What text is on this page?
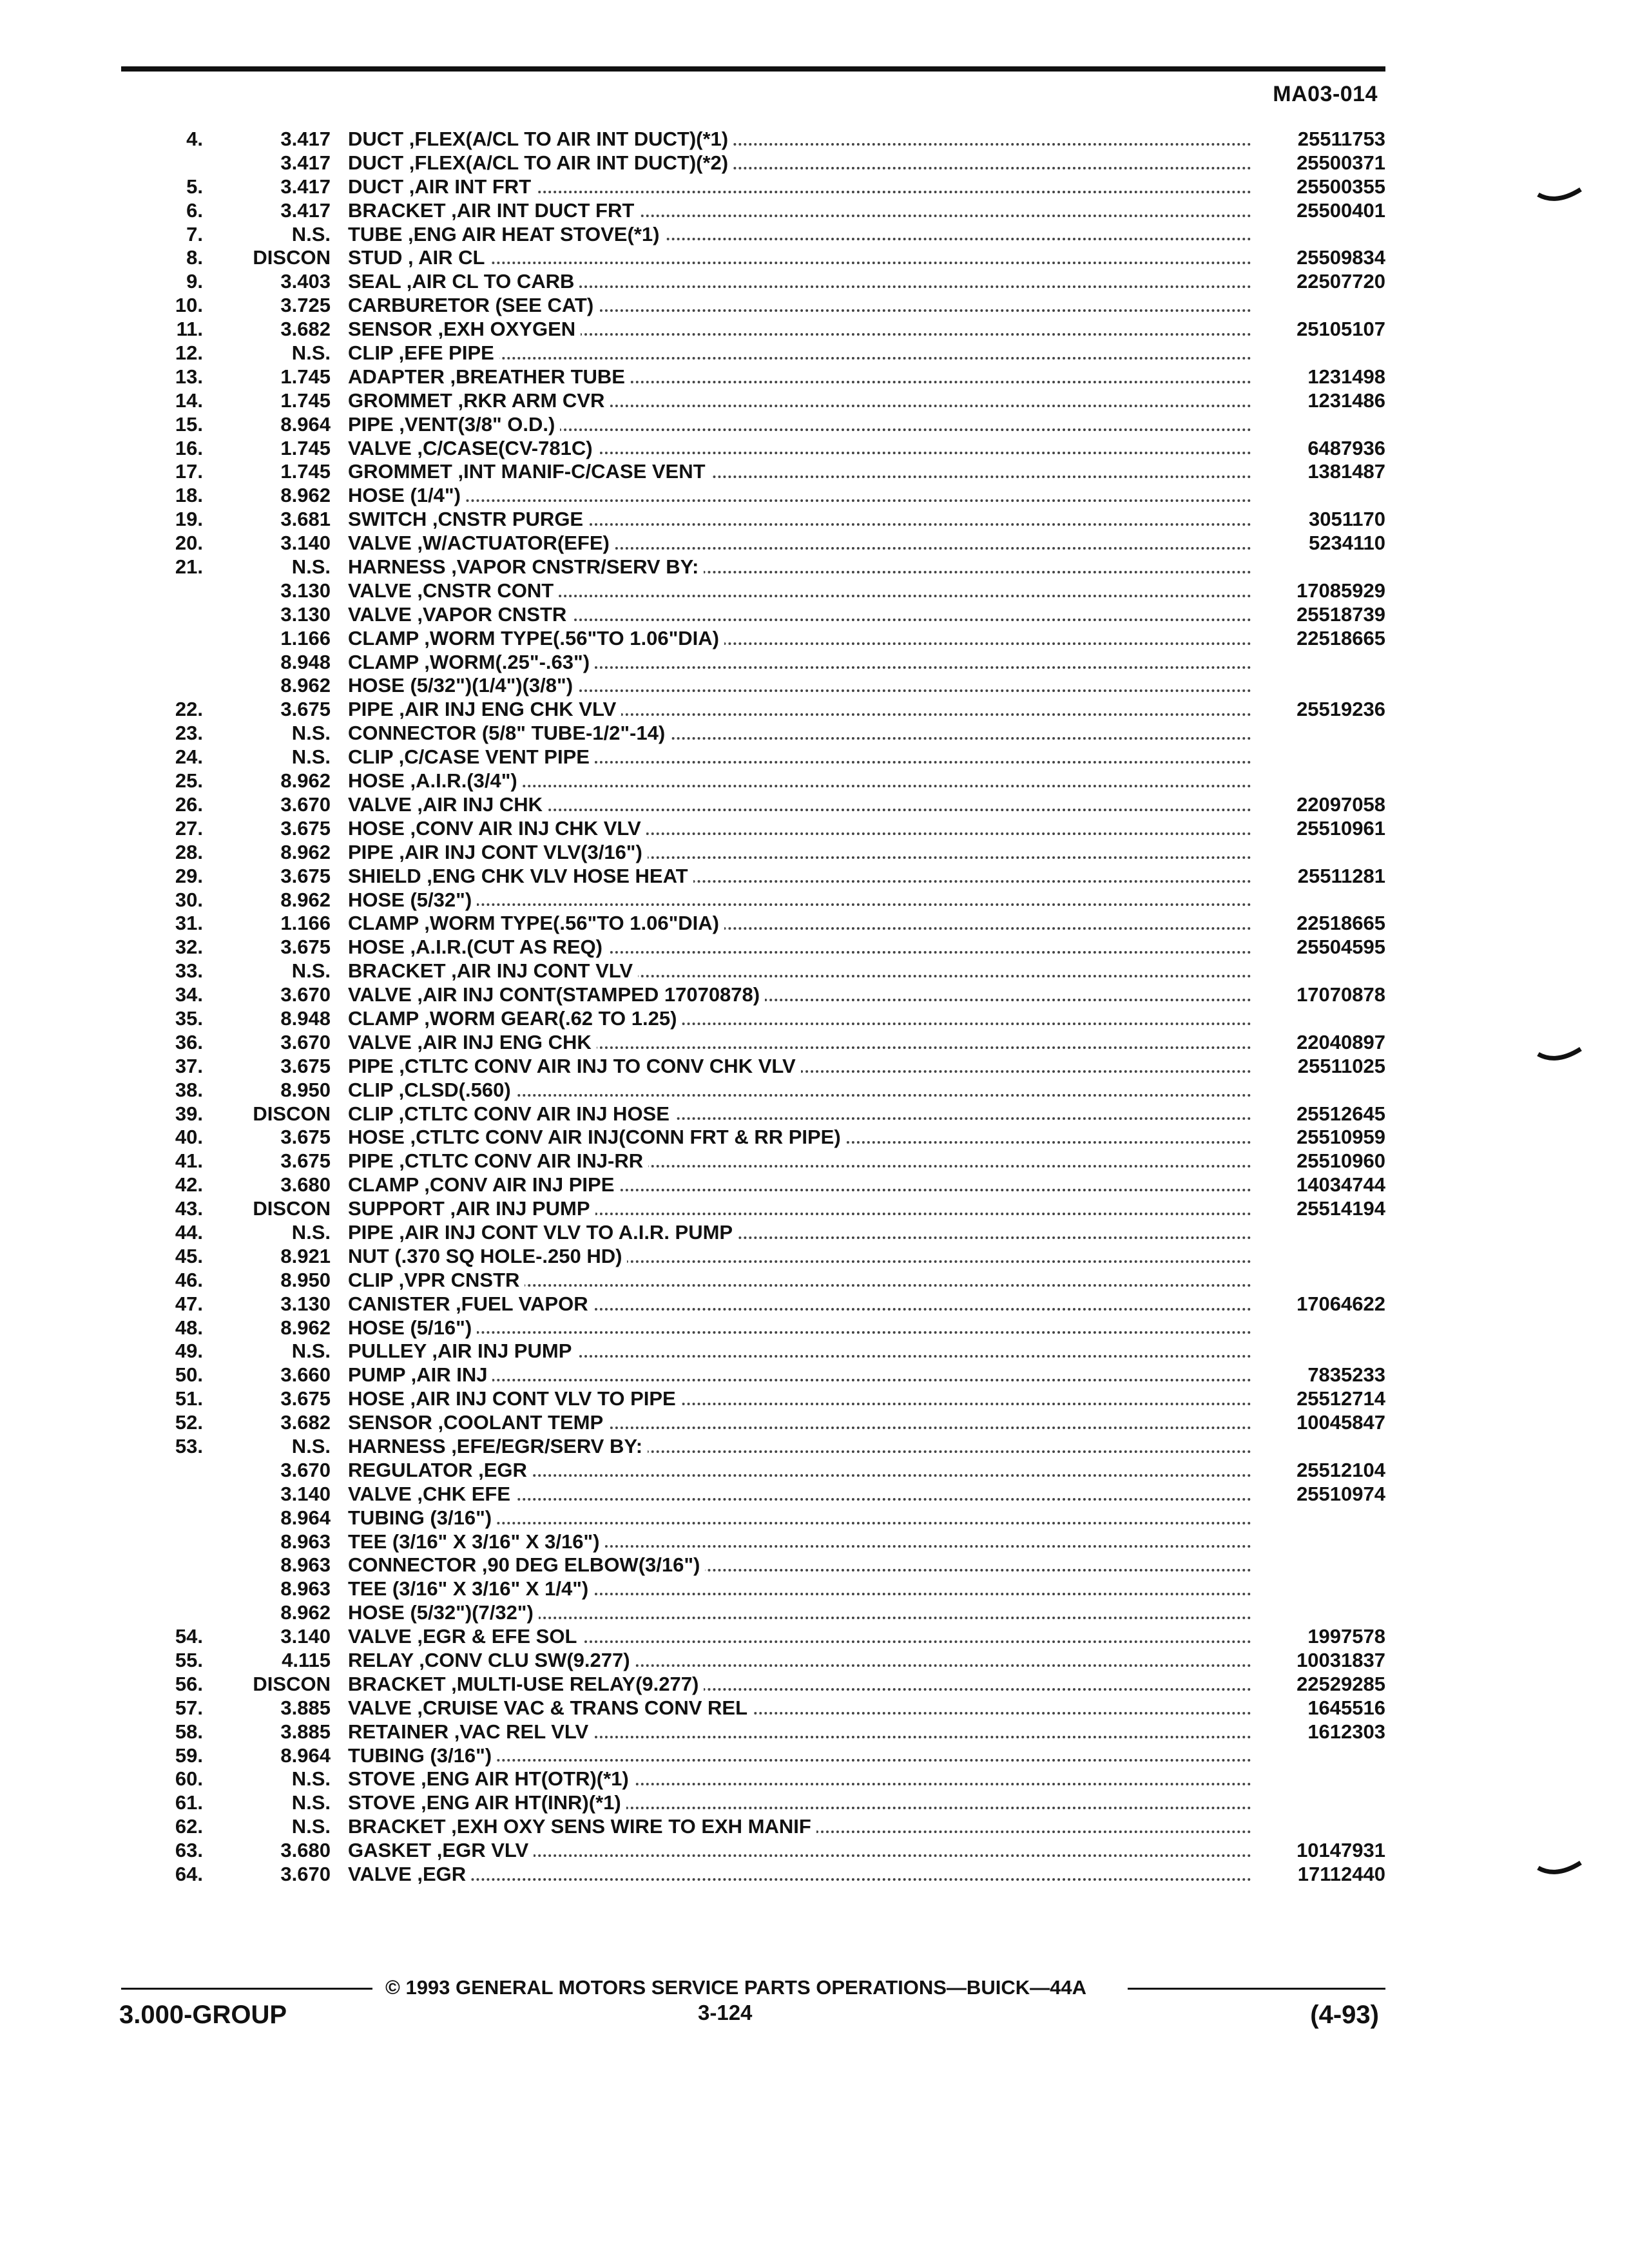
MA03-014
4.	3.417 DUCT ,FLEX(A/CL TO AIR INT DUCT)(*1)	25511753
3.417 DUCT ,FLEX(A/CL TO AIR INT DUCT)(*2)	25500371
5.	3.417 DUCT ,AIR INT FRT	25500355
6.	3.417 BRACKET ,AIR INT DUCT FRT	25500401
7.	N.S. TUBE ,ENG AIR HEAT STOVE(*1)
8.	DISCON STUD , AIR CL	25509834
9.	3.403 SEAL ,AIR CL TO CARB	22507720
10.	3.725 CARBURETOR (SEE CAT)
11.	3.682 SENSOR ,EXH OXYGEN	25105107
12.	N.S. CLIP ,EFE PIPE
13.	1.745 ADAPTER ,BREATHER TUBE	1231498
14.	1.745 GROMMET ,RKR ARM CVR	1231486
15.	8.964 PIPE ,VENT(3/8" O.D.)
16.	1.745 VALVE ,C/CASE(CV-781C)	6487936
17.	1.745 GROMMET ,INT MANIF-C/CASE VENT	1381487
18.	8.962 HOSE (1/4")
19.	3.681 SWITCH ,CNSTR PURGE	3051170
20.	3.140 VALVE ,W/ACTUATOR(EFE)	5234110
21.	N.S. HARNESS ,VAPOR CNSTR/SERV BY:
3.130 VALVE ,CNSTR CONT	17085929
3.130 VALVE ,VAPOR CNSTR	25518739
1.166 CLAMP ,WORM TYPE(.56"TO 1.06"DIA)	22518665
8.948 CLAMP ,WORM(.25"-.63")
8.962 HOSE (5/32")(1/4")(3/8")
22.	3.675 PIPE ,AIR INJ ENG CHK VLV	25519236
23.	N.S. CONNECTOR (5/8" TUBE-1/2"-14)
24.	N.S. CLIP ,C/CASE VENT PIPE
25.	8.962 HOSE ,A.I.R.(3/4")
26.	3.670 VALVE ,AIR INJ CHK	22097058
27.	3.675 HOSE ,CONV AIR INJ CHK VLV	25510961
28.	8.962 PIPE ,AIR INJ CONT VLV(3/16")
29.	3.675 SHIELD ,ENG CHK VLV HOSE HEAT	25511281
30.	8.962 HOSE (5/32")
31.	1.166 CLAMP ,WORM TYPE(.56"TO 1.06"DIA)	22518665
32.	3.675 HOSE ,A.I.R.(CUT AS REQ)	25504595
33.	N.S. BRACKET ,AIR INJ CONT VLV
34.	3.670 VALVE ,AIR INJ CONT(STAMPED 17070878)	17070878
35.	8.948 CLAMP ,WORM GEAR(.62 TO 1.25)
36.	3.670 VALVE ,AIR INJ ENG CHK	22040897
37.	3.675 PIPE ,CTLTC CONV AIR INJ TO CONV CHK VLV	25511025
38.	8.950 CLIP ,CLSD(.560)
39.	DISCON CLIP ,CTLTC CONV AIR INJ HOSE	25512645
40.	3.675 HOSE ,CTLTC CONV AIR INJ(CONN FRT & RR PIPE)	25510959
41.	3.675 PIPE ,CTLTC CONV AIR INJ-RR	25510960
42.	3.680 CLAMP ,CONV AIR INJ PIPE	14034744
43.	DISCON SUPPORT ,AIR INJ PUMP	25514194
44.	N.S. PIPE ,AIR INJ CONT VLV TO A.I.R. PUMP
45.	8.921 NUT (.370 SQ HOLE-.250 HD)
46.	8.950 CLIP ,VPR CNSTR
47.	3.130 CANISTER ,FUEL VAPOR	17064622
48.	8.962 HOSE (5/16")
49.	N.S. PULLEY ,AIR INJ PUMP
50.	3.660 PUMP ,AIR INJ	7835233
51.	3.675 HOSE ,AIR INJ CONT VLV TO PIPE	25512714
52.	3.682 SENSOR ,COOLANT TEMP	10045847
53.	N.S. HARNESS ,EFE/EGR/SERV BY:
3.670 REGULATOR ,EGR	25512104
3.140 VALVE ,CHK EFE	25510974
8.964 TUBING (3/16")
8.963 TEE (3/16" X 3/16" X 3/16")
8.963 CONNECTOR ,90 DEG ELBOW(3/16")
8.963 TEE (3/16" X 3/16" X 1/4")
8.962 HOSE (5/32")(7/32")
54.	3.140 VALVE ,EGR & EFE SOL	1997578
55.	4.115 RELAY ,CONV CLU SW(9.277)	10031837
56.	DISCON BRACKET ,MULTI-USE RELAY(9.277)	22529285
57.	3.885 VALVE ,CRUISE VAC & TRANS CONV REL	1645516
58.	3.885 RETAINER ,VAC REL VLV	1612303
59.	8.964 TUBING (3/16")
60.	N.S. STOVE ,ENG AIR HT(OTR)(*1)
61.	N.S. STOVE ,ENG AIR HT(INR)(*1)
62.	N.S. BRACKET ,EXH OXY SENS WIRE TO EXH MANIF
63.	3.680 GASKET ,EGR VLV	10147931
64.	3.670 VALVE ,EGR	17112440
© 1993 GENERAL MOTORS SERVICE PARTS OPERATIONS—BUICK—44A
3.000-GROUP	3-124	(4-93)
